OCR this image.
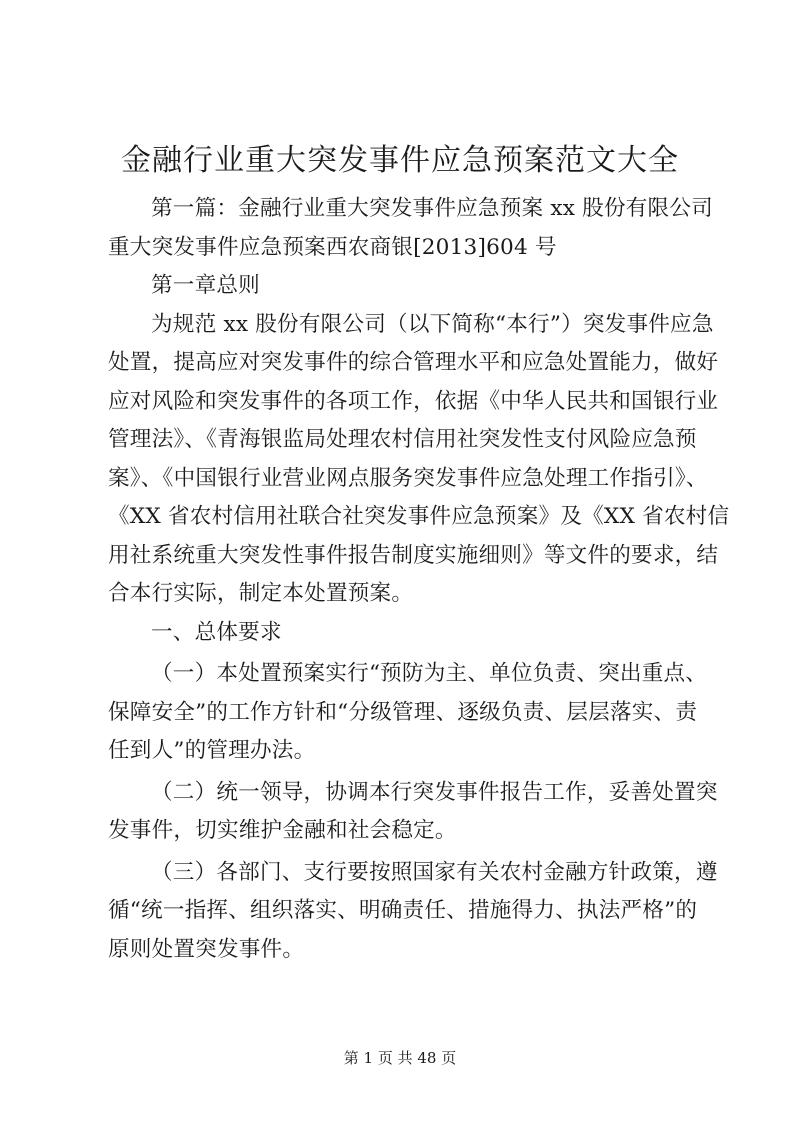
金融行业重大突发事件应急预案范文大全
第一篇：金融行业重大突发事件应急预案 xx 股份有限公司
重大突发事件应急预案西农商银[2013]604 号
第一章总则
为规范 xx 股份有限公司（以下简称“本行”）突发事件应急
处置，提高应对突发事件的综合管理水平和应急处置能力，做好
应对风险和突发事件的各项工作，依据《中华人民共和国银行业
管理法》、《青海银监局处理农村信用社突发性支付风险应急预
案》、《中国银行业营业网点服务突发事件应急处理工作指引》、
《XX 省农村信用社联合社突发事件应急预案》及《XX 省农村信
用社系统重大突发性事件报告制度实施细则》等文件的要求，结
合本行实际，制定本处置预案。
一、总体要求
（一）本处置预案实行“预防为主、单位负责、突出重点、
保障安全”的工作方针和“分级管理、逐级负责、层层落实、责
任到人”的管理办法。
（二）统一领导，协调本行突发事件报告工作，妥善处置突
发事件，切实维护金融和社会稳定。
（三）各部门、支行要按照国家有关农村金融方针政策，遵
循“统一指挥、组织落实、明确责任、措施得力、执法严格”的
原则处置突发事件。
第 1 页 共 48 页
